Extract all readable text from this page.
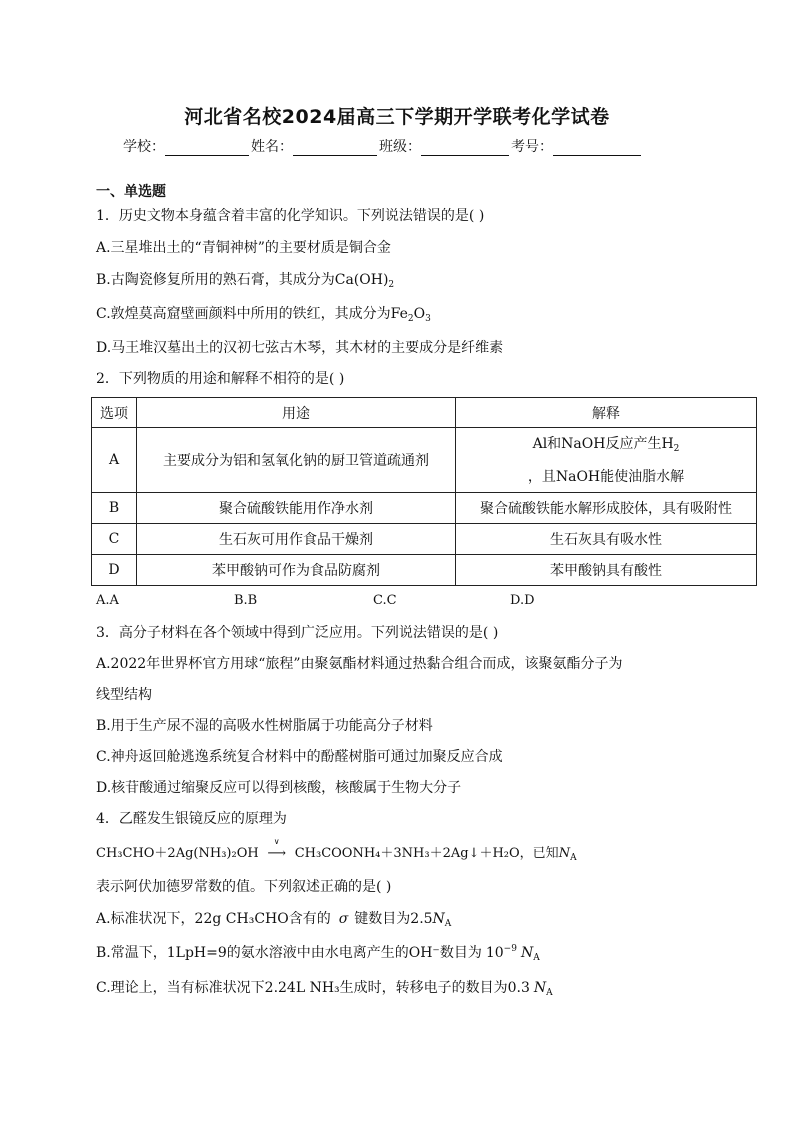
河北省名校2024届高三下学期开学联考化学试卷
学校：	姓名：	班级：	考号：
一、单选题
1．历史文物本身蕴含着丰富的化学知识。下列说法错误的是( )
A.三星堆出土的“青铜神树”的主要材质是铜合金
B.古陶瓷修复所用的熟石膏，其成分为$Ca(OH)_2$
C.敦煌莫高窟壁画颜料中所用的铁红，其成分为$Fe_2O_3$
D.马王堆汉墓出土的汉初七弦古木琴，其木材的主要成分是纤维素
2．下列物质的用途和解释不相符的是( )
选项	用途	解释
A	主要成分为铝和氢氧化钠的厨卫管道疏通剂	Al和NaOH反应产生$H_2$
，且NaOH能使油脂水解

B	聚合硫酸铁能用作净水剂	聚合硫酸铁能水解形成胶体，具有吸附性
C	生石灰可用作食品干燥剂	生石灰具有吸水性
D	苯甲酸钠可作为食品防腐剂	苯甲酸钠具有酸性
A.A	B.B	C.C	D.D
3．高分子材料在各个领域中得到广泛应用。下列说法错误的是( )
A.2022年世界杯官方用球“旅程”由聚氨酯材料通过热黏合组合而成，该聚氨酯分子为
线型结构
B.用于生产尿不湿的高吸水性树脂属于功能高分子材料
C.神舟返回舱逃逸系统复合材料中的酚醛树脂可通过加聚反应合成
D.核苷酸通过缩聚反应可以得到核酸，核酸属于生物大分子
4．乙醛发生银镜反应的原理为
CH₃CHO＋2Ag(NH₃)₂OH
∨
⟶ CH₃COONH₄＋3NH₃＋2Ag↓＋H₂O，已知$N_A$
表示阿伏加德罗常数的值。下列叙述正确的是( )
A.标准状况下，22g CH₃CHO含有的 σ 键数目为$2.5N_A$
B.常温下，1LpH=9的氨水溶液中由水电离产生的OH⁻数目为 $10^{-9}$ $N_A$
C.理论上，当有标准状况下2.24L NH₃生成时，转移电子的数目为0.3 $N_A$
